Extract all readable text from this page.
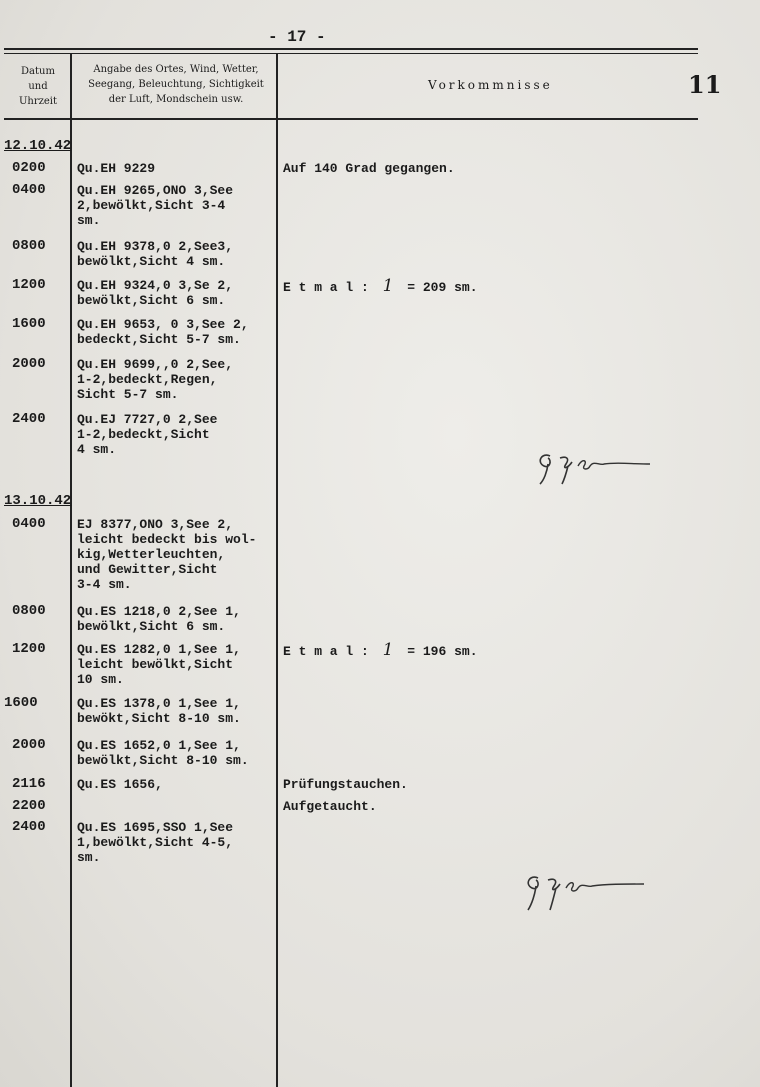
- 17 -
Datum
und
Uhrzeit
Angabe des Ortes, Wind, Wetter,
Seegang, Beleuchtung, Sichtigkeit
der Luft, Mondschein usw.
Vorkommnisse	11
12.10.42
0200 Qu.EH 9229	Auf 140 Grad gegangen.
0400 Qu.EH 9265,ONO 3,See
2,bewölkt,Sicht 3-4
sm.
0800 Qu.EH 9378,0 2,See3,
bewölkt,Sicht 4 sm.
1200 Qu.EH 9324,0 3,Se 2,
bewölkt,Sicht 6 sm.
E t m a l : 1 = 209 sm.
1600 Qu.EH 9653, 0 3,See 2,
bedeckt,Sicht 5-7 sm.
2000 Qu.EH 9699,,0 2,See,
1-2,bedeckt,Regen,
Sicht 5-7 sm.
2400 Qu.EJ 7727,0 2,See
1-2,bedeckt,Sicht
4 sm.
13.10.42
0400 EJ 8377,ONO 3,See 2,
leicht bedeckt bis wol-
kig,Wetterleuchten,
und Gewitter,Sicht
3-4 sm.
0800 Qu.ES 1218,0 2,See 1,
bewölkt,Sicht 6 sm.
1200 Qu.ES 1282,0 1,See 1,
leicht bewölkt,Sicht
10 sm.
E t m a l : 1 = 196 sm.
1600	Qu.ES 1378,0 1,See 1,
bewökt,Sicht 8-10 sm.
2000 Qu.ES 1652,0 1,See 1,
bewölkt,Sicht 8-10 sm.
2116 Qu.ES 1656,	Prüfungstauchen.
2200	Aufgetaucht.
2400 Qu.ES 1695,SSO 1,See
1,bewölkt,Sicht 4-5,
sm.
